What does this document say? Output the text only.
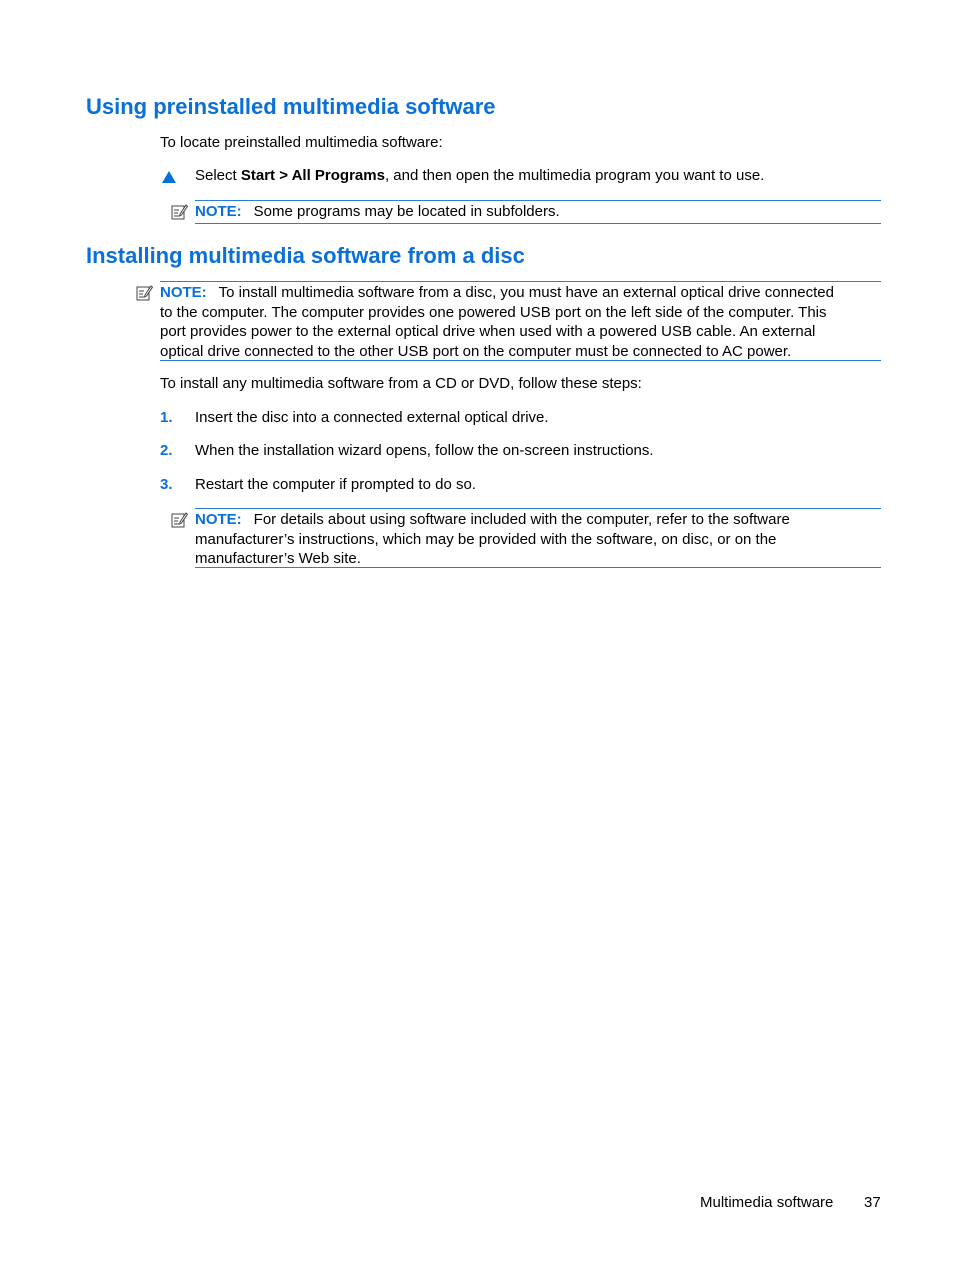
Using preinstalled multimedia software

To locate preinstalled multimedia software:

Select Start > All Programs, and then open the multimedia program you want to use.

NOTE: Some programs may be located in subfolders.
Installing multimedia software from a disc
NOTE: To install multimedia software from a disc, you must have an external optical drive connected
to the computer. The computer provides one powered USB port on the left side of the computer. This
port provides power to the external optical drive when used with a powered USB cable. An external
optical drive connected to the other USB port on the computer must be connected to AC power.

To install any multimedia software from a CD or DVD, follow these steps:

1. Insert the disc into a connected external optical drive.
2. When the installation wizard opens, follow the on-screen instructions.
3. Restart the computer if prompted to do so.
NOTE: For details about using software included with the computer, refer to the software
manufacturer’s instructions, which may be provided with the software, on disc, or on the
manufacturer’s Web site.
Multimedia software 37
